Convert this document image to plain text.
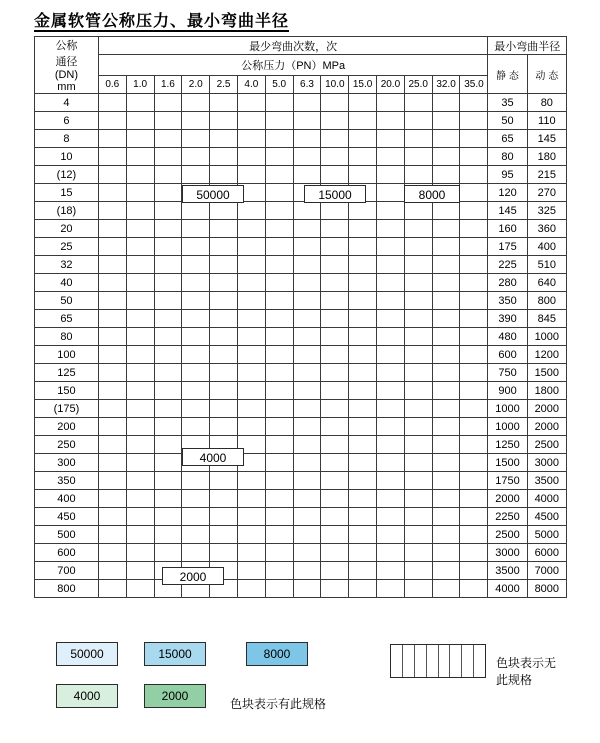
金属软管公称压力、最小弯曲半径
公称
通径
(DN)
mm	最少弯曲次数，次														最小弯曲半径	
	公称压力（PN）MPa														静 态	动 态
	0.6	1.0	1.6	2.0	2.5	4.0	5.0	6.3	10.0	15.0	20.0	25.0	32.0	35.0		
4															35	80
6															50	110
8															65	145
10															80	180
(12)															95	215
15															120	270
(18)															145	325
20															160	360
25															175	400
32															225	510
40															280	640
50															350	800
65															390	845
80															480	1000
100															600	1200
125															750	1500
150															900	1800
(175)															1000	2000
200															1000	2000
250															1250	2500
300															1500	3000
350															1750	3500
400															2000	4000
450															2250	4500
500															2500	5000
600															3000	6000
700															3500	7000
800															4000	8000
50000	15000	8000
4000
2000
50000	15000	8000
4000	2000
色块表示有此规格
色块表示无此规格
